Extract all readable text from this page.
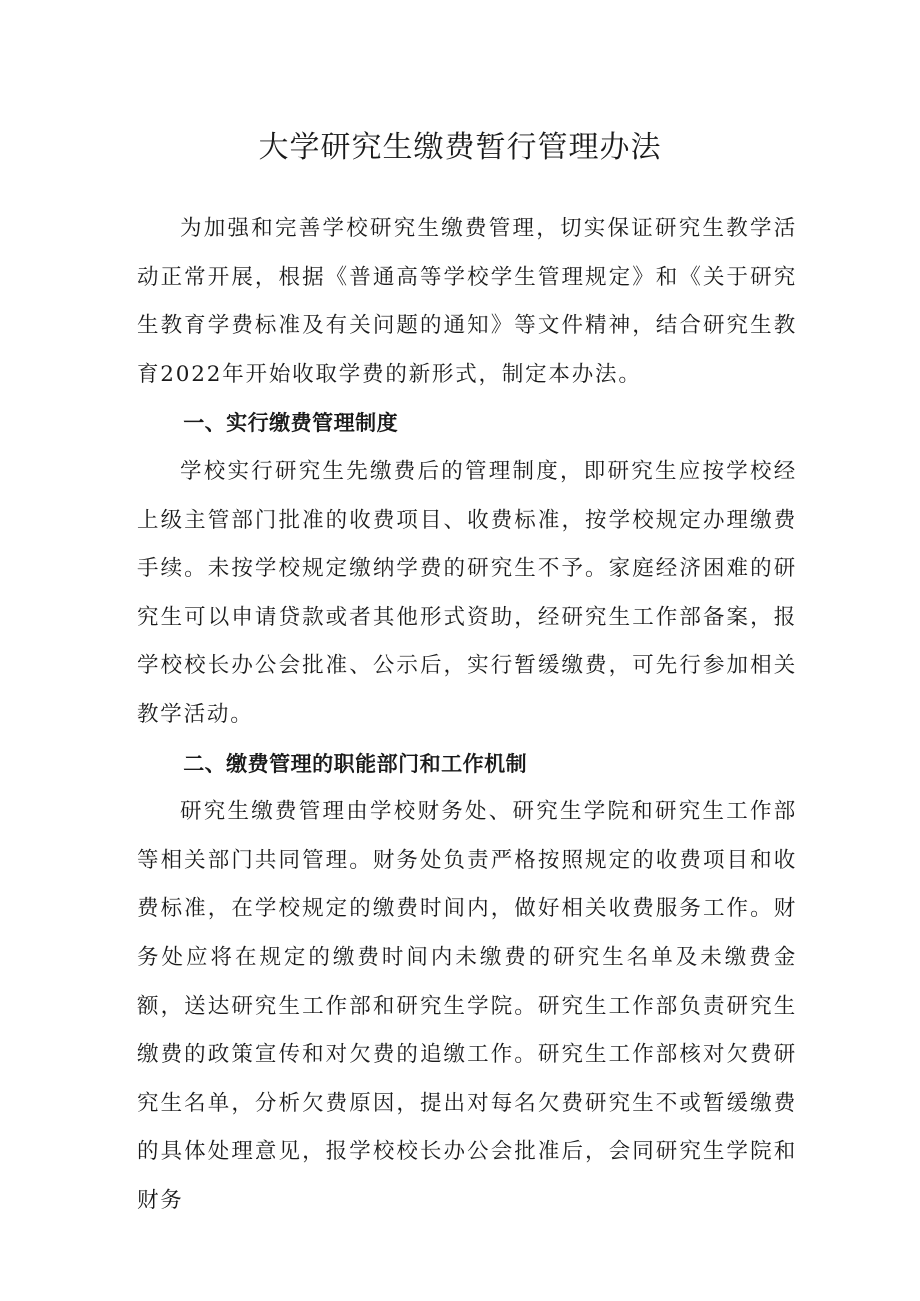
大学研究生缴费暂行管理办法

为加强和完善学校研究生缴费管理，切实保证研究生教学活动正常开展，根据《普通高等学校学生管理规定》和《关于研究生教育学费标准及有关问题的通知》等文件精神，结合研究生教育2022年开始收取学费的新形式，制定本办法。

一、实行缴费管理制度

学校实行研究生先缴费后的管理制度，即研究生应按学校经上级主管部门批准的收费项目、收费标准，按学校规定办理缴费手续。未按学校规定缴纳学费的研究生不予。家庭经济困难的研究生可以申请贷款或者其他形式资助，经研究生工作部备案，报学校校长办公会批准、公示后，实行暂缓缴费，可先行参加相关教学活动。

二、缴费管理的职能部门和工作机制

研究生缴费管理由学校财务处、研究生学院和研究生工作部等相关部门共同管理。财务处负责严格按照规定的收费项目和收费标准，在学校规定的缴费时间内，做好相关收费服务工作。财务处应将在规定的缴费时间内未缴费的研究生名单及未缴费金额，送达研究生工作部和研究生学院。研究生工作部负责研究生缴费的政策宣传和对欠费的追缴工作。研究生工作部核对欠费研究生名单，分析欠费原因，提出对每名欠费研究生不或暂缓缴费的具体处理意见，报学校校长办公会批准后，会同研究生学院和财务
